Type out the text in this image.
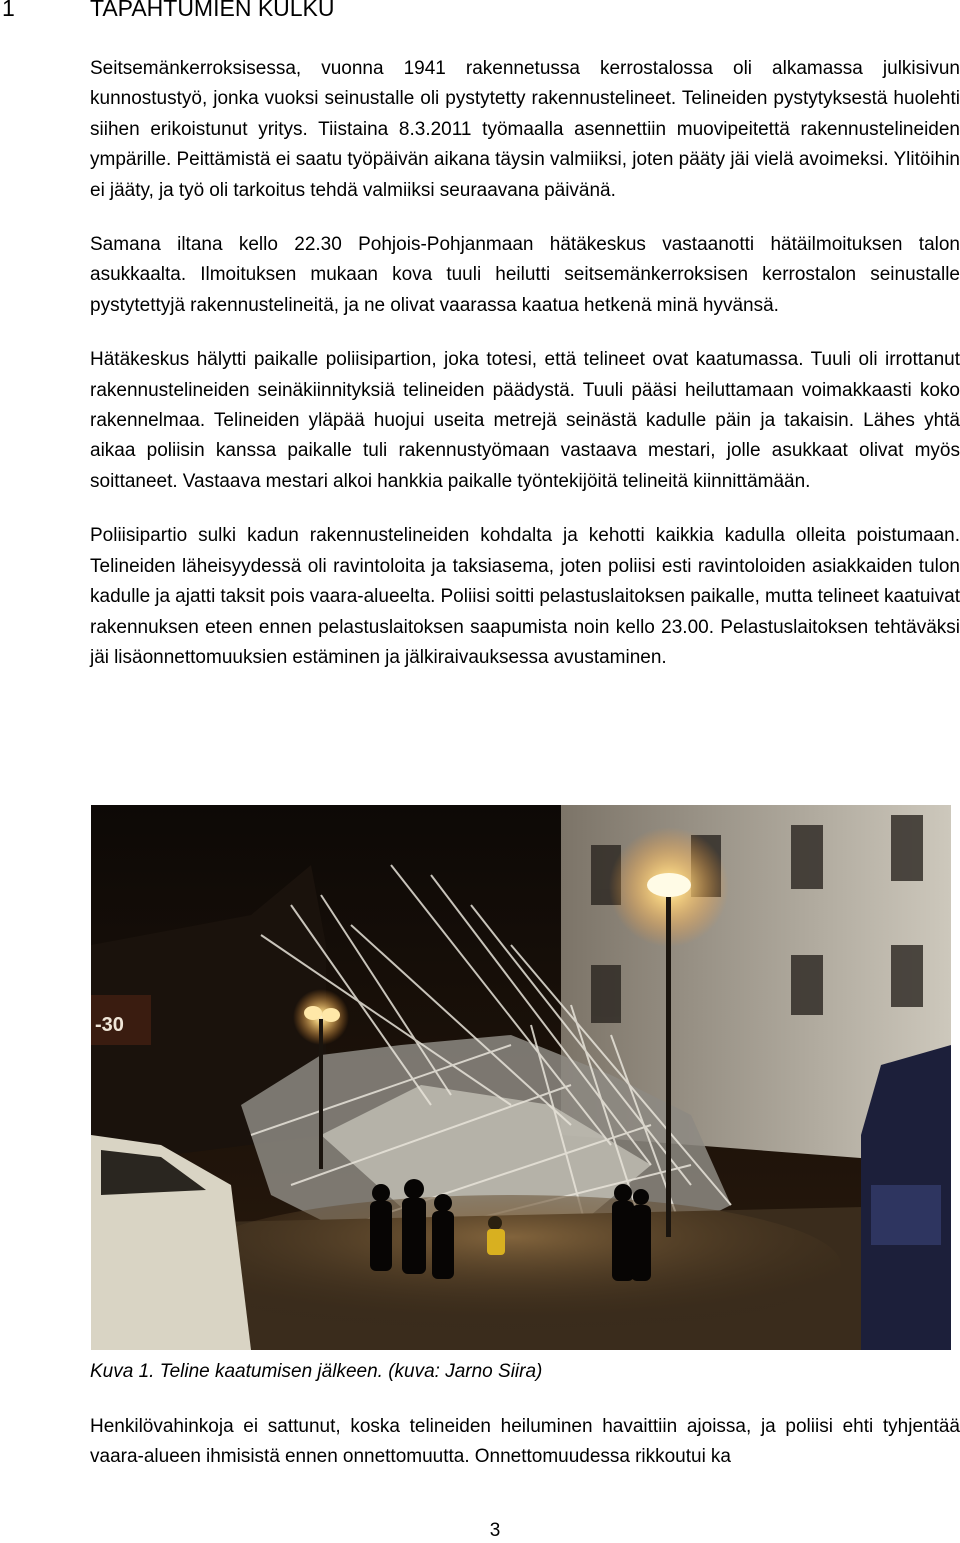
1	TAPAHTUMIEN KULKU

Seitsemänkerroksisessa, vuonna 1941 rakennetussa kerrostalossa oli alkamassa julkisivun kunnostustyö, jonka vuoksi seinustalle oli pystytetty rakennustelineet. Telineiden pystytyksestä huolehti siihen erikoistunut yritys. Tiistaina 8.3.2011 työmaalla asennettiin muovipeitettä rakennustelineiden ympärille. Peittämistä ei saatu työpäivän aikana täysin valmiiksi, joten pääty jäi vielä avoimeksi. Ylitöihin ei jääty, ja työ oli tarkoitus tehdä valmiiksi seuraavana päivänä.

Samana iltana kello 22.30 Pohjois-Pohjanmaan hätäkeskus vastaanotti hätäilmoituksen talon asukkaalta. Ilmoituksen mukaan kova tuuli heilutti seitsemänkerroksisen kerrostalon seinustalle pystytettyjä rakennustelineitä, ja ne olivat vaarassa kaatua hetkenä minä hyvänsä.

Hätäkeskus hälytti paikalle poliisipartion, joka totesi, että telineet ovat kaatumassa. Tuuli oli irrottanut rakennustelineiden seinäkiinnityksiä telineiden päädystä. Tuuli pääsi heiluttamaan voimakkaasti koko rakennelmaa. Telineiden yläpää huojui useita metrejä seinästä kadulle päin ja takaisin. Lähes yhtä aikaa poliisin kanssa paikalle tuli rakennustyömaan vastaava mestari, jolle asukkaat olivat myös soittaneet. Vastaava mestari alkoi hankkia paikalle työntekijöitä telineitä kiinnittämään.

Poliisipartio sulki kadun rakennustelineiden kohdalta ja kehotti kaikkia kadulla olleita poistumaan. Telineiden läheisyydessä oli ravintoloita ja taksiasema, joten poliisi esti ravintoloiden asiakkaiden tulon kadulle ja ajatti taksit pois vaara-alueelta. Poliisi soitti pelastuslaitoksen paikalle, mutta telineet kaatuivat rakennuksen eteen ennen pelastuslaitoksen saapumista noin kello 23.00. Pelastuslaitoksen tehtäväksi jäi lisäonnettomuuksien estäminen ja jälkiraivauksessa avustaminen.

-30

Kuva 1. Teline kaatumisen jälkeen. (kuva: Jarno Siira)

Henkilövahinkoja ei sattunut, koska telineiden heiluminen havaittiin ajoissa, ja poliisi ehti tyhjentää vaara-alueen ihmisistä ennen onnettomuutta. Onnettomuudessa rikkoutui ka

3
